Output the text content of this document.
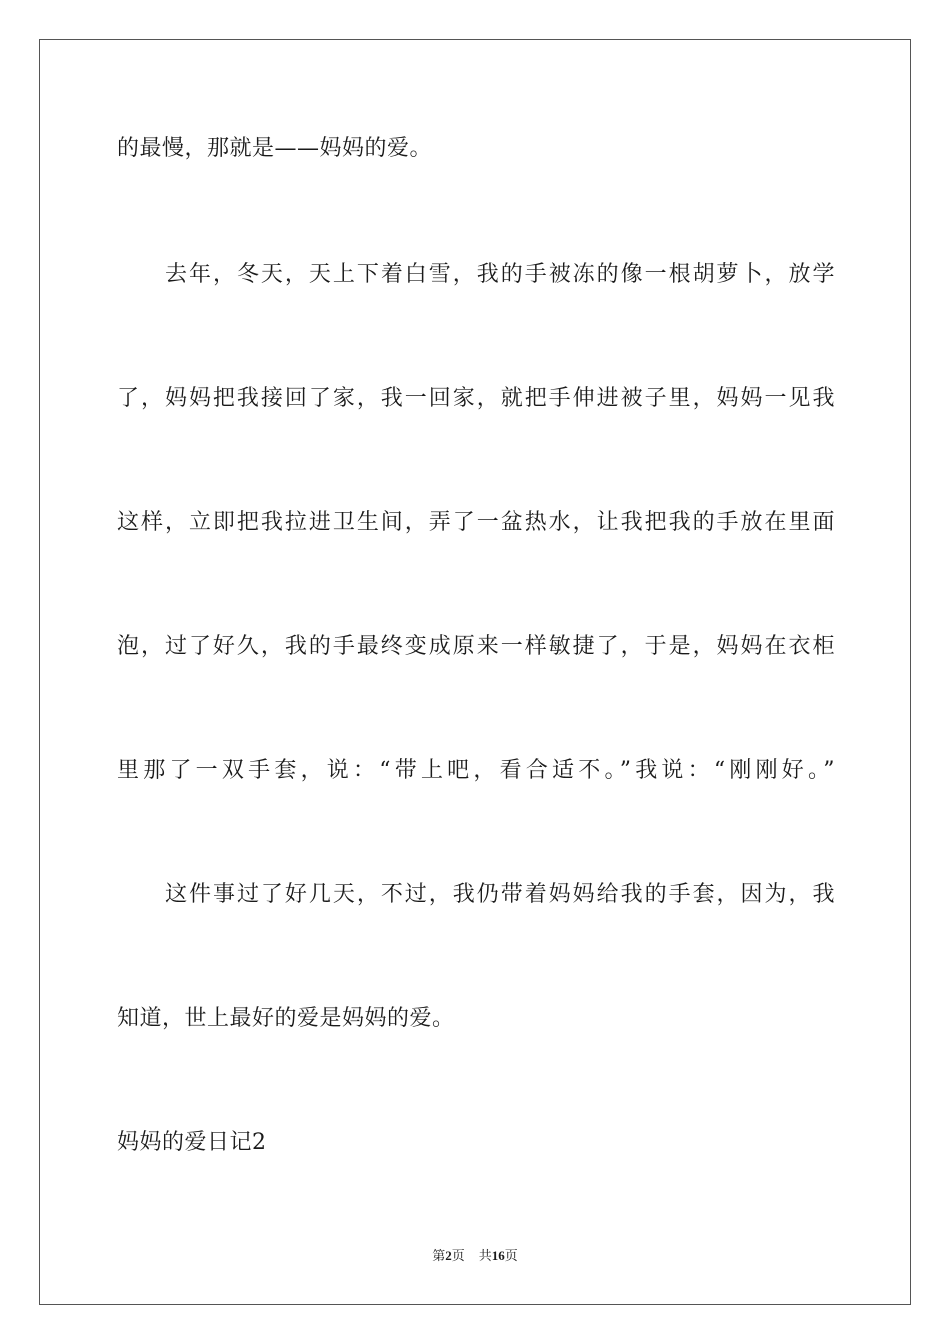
的最慢，那就是——妈妈的爱。
去年，冬天，天上下着白雪，我的手被冻的像一根胡萝卜，放学
了，妈妈把我接回了家，我一回家，就把手伸进被子里，妈妈一见我
这样，立即把我拉进卫生间，弄了一盆热水，让我把我的手放在里面
泡，过了好久，我的手最终变成原来一样敏捷了，于是，妈妈在衣柜
里那了一双手套，说：“带上吧，看合适不。”我说：“刚刚好。”
这件事过了好几天，不过，我仍带着妈妈给我的手套，因为，我
知道，世上最好的爱是妈妈的爱。
妈妈的爱日记2
第2页 共16页
